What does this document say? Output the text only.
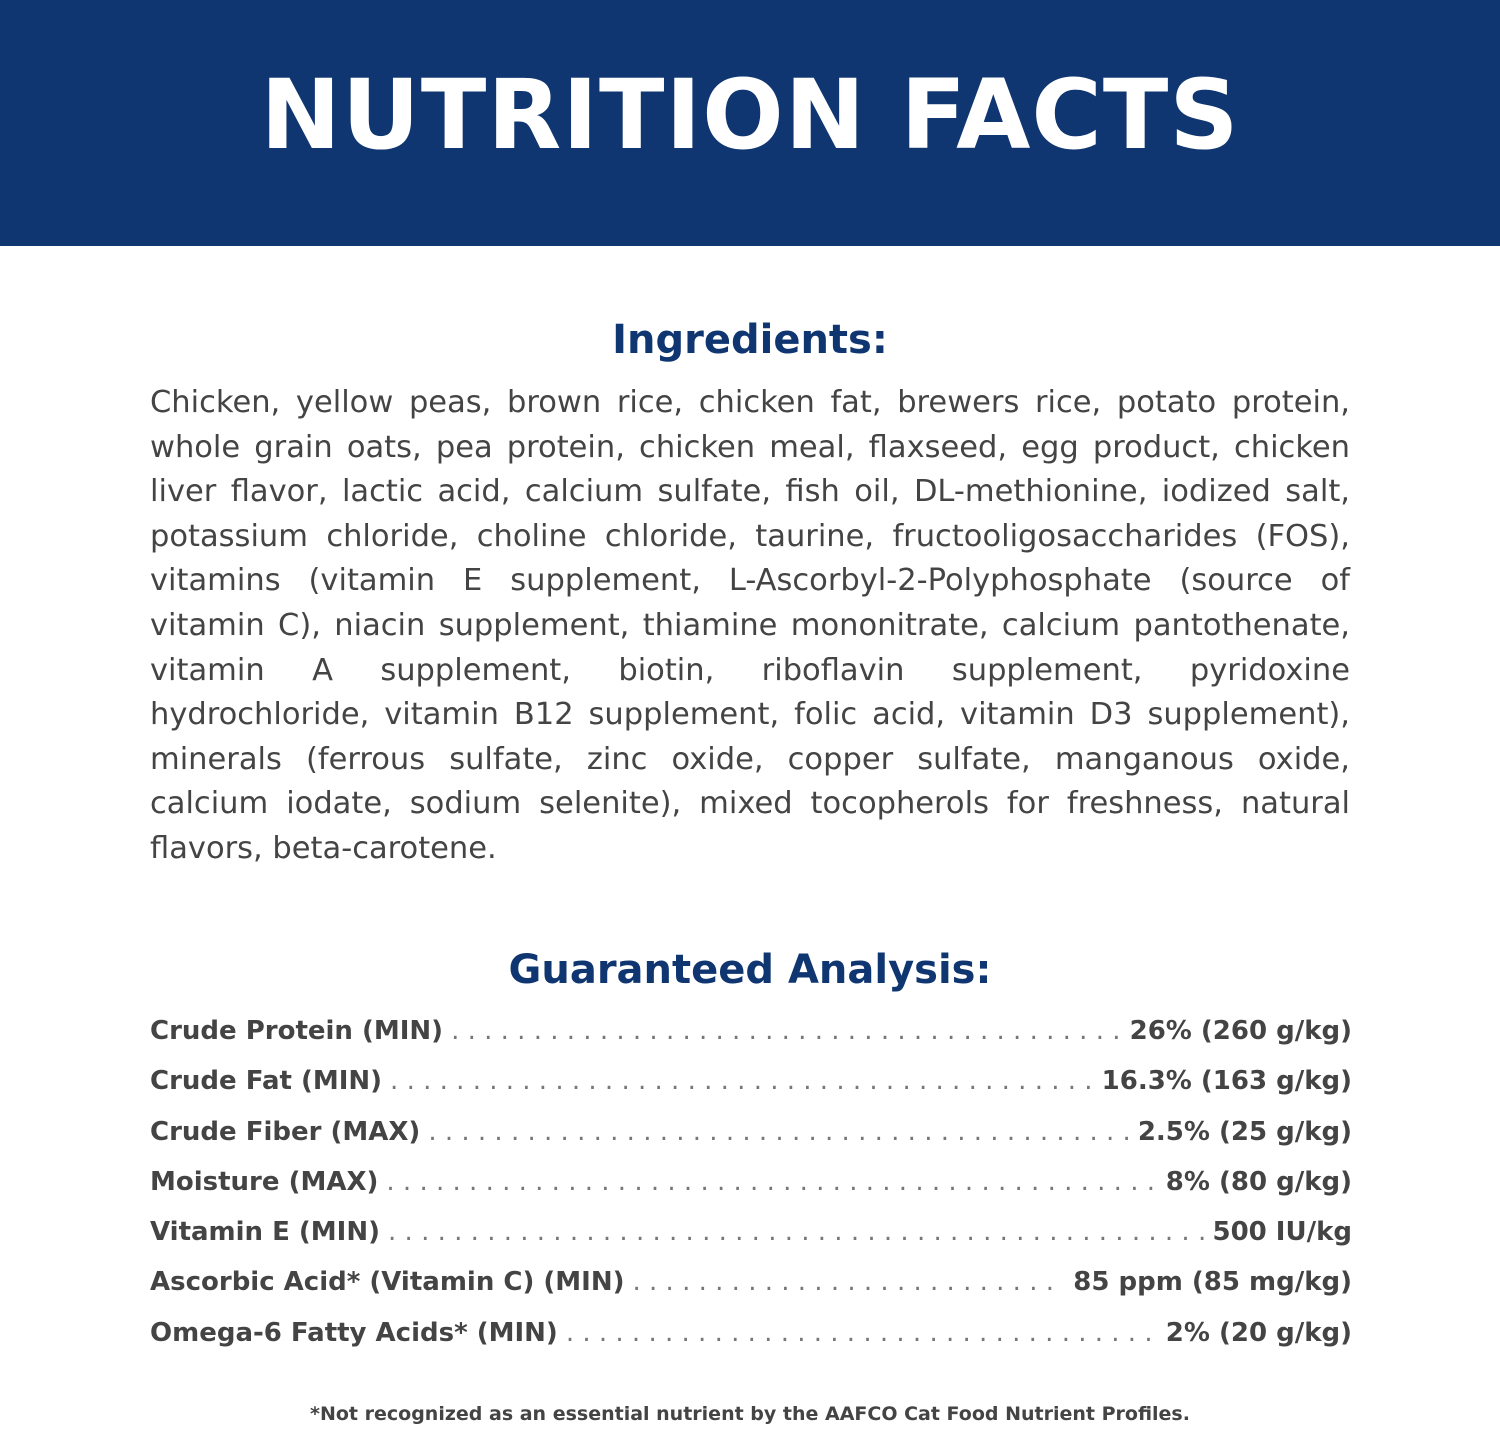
NUTRITION FACTS
Ingredients:

Chicken, yellow peas, brown rice, chicken fat, brewers rice, potato protein, whole grain oats, pea protein, chicken meal, flaxseed, egg product, chicken liver flavor, lactic acid, calcium sulfate, fish oil, DL-methionine, iodized salt, potassium chloride, choline chloride, taurine, fructooligosaccharides (FOS), vitamins (vitamin E supplement, L-Ascorbyl-2-Polyphosphate (source of vitamin C), niacin supplement, thiamine mononitrate, calcium pantothenate, vitamin A supplement, biotin, riboflavin supplement, pyridoxine hydrochloride, vitamin B12 supplement, folic acid, vitamin D3 supplement), minerals (ferrous sulfate, zinc oxide, copper sulfate, manganous oxide, calcium iodate, sodium selenite), mixed tocopherols for freshness, natural flavors, beta-carotene.

Guaranteed Analysis:
Crude Protein (MIN) . . .	26% (260 g/kg)
Crude Fat (MIN) . . .	16.3% (163 g/kg)
Crude Fiber (MAX) . . .	2.5% (25 g/kg)
Moisture (MAX) . . .	8% (80 g/kg)
Vitamin E (MIN) . . .	500 IU/kg
Ascorbic Acid* (Vitamin C) (MIN) . . .	85 ppm (85 mg/kg)
Omega-6 Fatty Acids* (MIN) . . .	2% (20 g/kg)
*Not recognized as an essential nutrient by the AAFCO Cat Food Nutrient Profiles.
